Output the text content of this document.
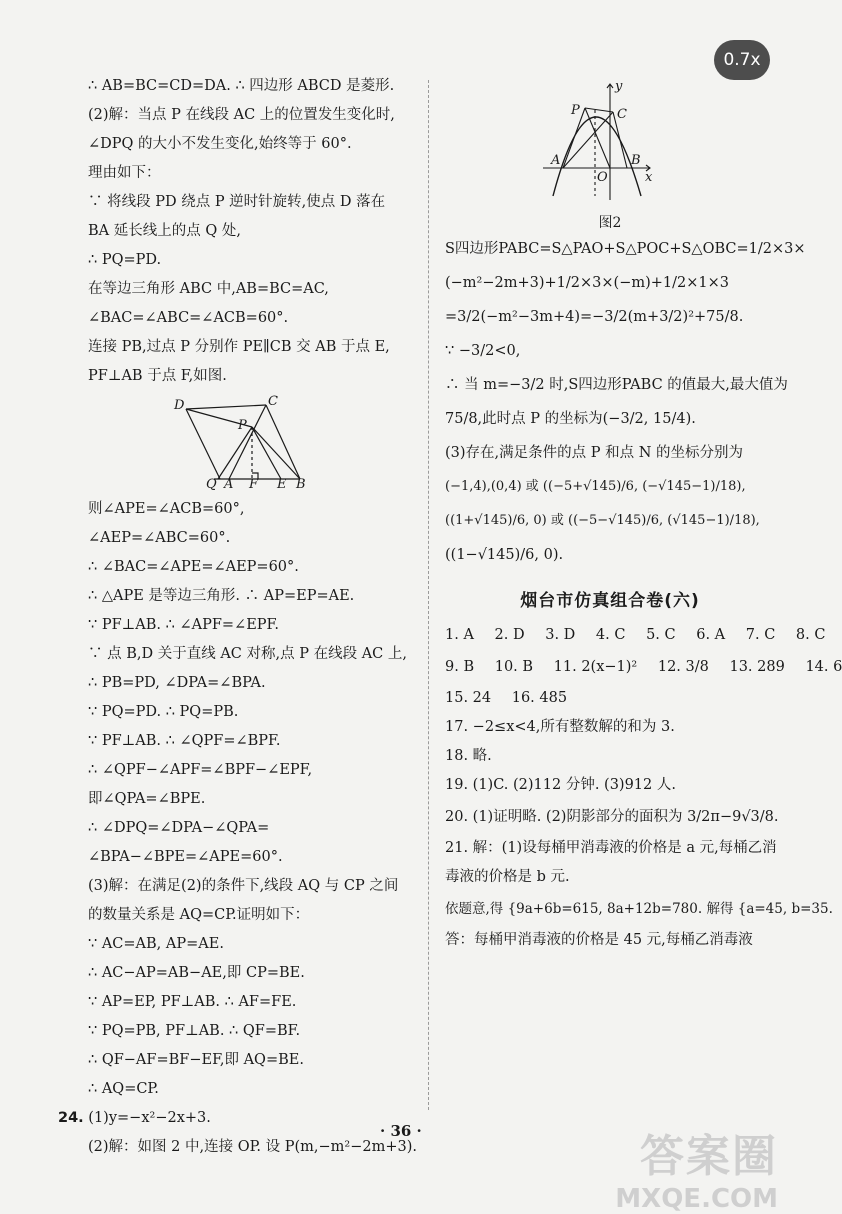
0.7x
∴ AB=BC=CD=DA. ∴ 四边形 ABCD 是菱形.
(2)解：当点 P 在线段 AC 上的位置发生变化时,
∠DPQ 的大小不发生变化,始终等于 60°.
理由如下：
∵ 将线段 PD 绕点 P 逆时针旋转,使点 D 落在
BA 延长线上的点 Q 处,
∴ PQ=PD.
在等边三角形 ABC 中,AB=BC=AC,
∠BAC=∠ABC=∠ACB=60°.
连接 PB,过点 P 分别作 PE∥CB 交 AB 于点 E,
PF⊥AB 于点 F,如图.
D	C
P
Q A F E B
则∠APE=∠ACB=60°,
∠AEP=∠ABC=60°.
∴ ∠BAC=∠APE=∠AEP=60°.
∴ △APE 是等边三角形. ∴ AP=EP=AE.
∵ PF⊥AB. ∴ ∠APF=∠EPF.
∵ 点 B,D 关于直线 AC 对称,点 P 在线段 AC 上,
∴ PB=PD, ∠DPA=∠BPA.
∵ PQ=PD. ∴ PQ=PB.
∵ PF⊥AB. ∴ ∠QPF=∠BPF.
∴ ∠QPF−∠APF=∠BPF−∠EPF,
即∠QPA=∠BPE.
∴ ∠DPQ=∠DPA−∠QPA=
∠BPA−∠BPE=∠APE=60°.
(3)解：在满足(2)的条件下,线段 AQ 与 CP 之间
的数量关系是 AQ=CP.证明如下：
∵ AC=AB, AP=AE.
∴ AC−AP=AB−AE,即 CP=BE.
∵ AP=EP, PF⊥AB. ∴ AF=FE.
∵ PQ=PB, PF⊥AB. ∴ QF=BF.
∴ QF−AF=BF−EF,即 AQ=BE.
∴ AQ=CP.
24. (1)y=−x²−2x+3.
(2)解：如图 2 中,连接 OP. 设 P(m,−m²−2m+3).
y
P	C
A
O
B
x
图2
S四边形PABC=S△PAO+S△POC+S△OBC=1/2×3×
(−m²−2m+3)+1/2×3×(−m)+1/2×1×3
=3/2(−m²−3m+4)=−3/2(m+3/2)²+75/8.
∵ −3/2<0,
∴ 当 m=−3/2 时,S四边形PABC 的值最大,最大值为
75/8,此时点 P 的坐标为(−3/2, 15/4).
(3)存在,满足条件的点 P 和点 N 的坐标分别为
(−1,4),(0,4) 或 ((−5+√145)/6, (−√145−1)/18),
((1+√145)/6, 0) 或 ((−5−√145)/6, (√145−1)/18),
((1−√145)/6, 0).
烟台市仿真组合卷(六)
1. A 2. D 3. D 4. C 5. C 6. A 7. C 8. C
9. B 10. B 11. 2(x−1)² 12. 3/8 13. 289 14. 6
15. 24 16. 485
17. −2≤x<4,所有整数解的和为 3.
18. 略.
19. (1)C. (2)112 分钟. (3)912 人.
20. (1)证明略. (2)阴影部分的面积为 3/2π−9√3/8.
21. 解：(1)设每桶甲消毒液的价格是 a 元,每桶乙消
毒液的价格是 b 元.
依题意,得 {9a+6b=615, 8a+12b=780. 解得 {a=45, b=35.
答：每桶甲消毒液的价格是 45 元,每桶乙消毒液
· 36 ·	答案圈
MXQE.COM
